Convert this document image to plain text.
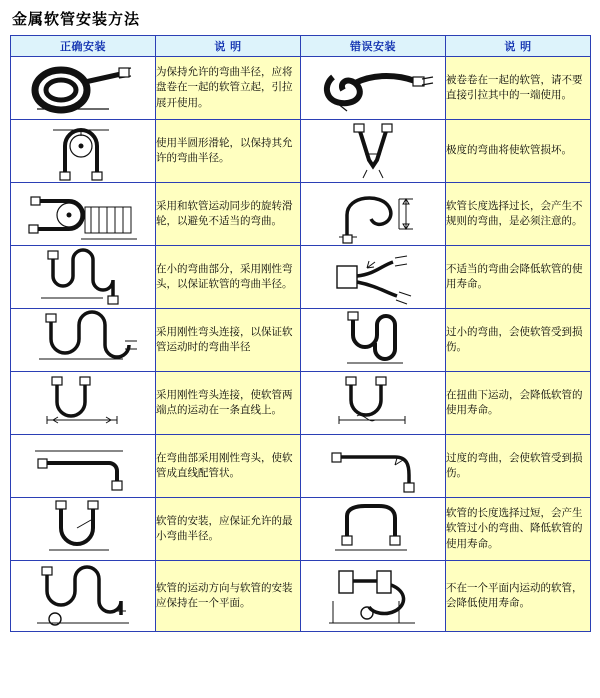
金属软管安装方法
正确安装	说 明	错误安装	说 明

	为保持允许的弯曲半径，应将盘卷在一起的软管立起，引拉展开使用。		被卷卷在一起的软管，请不要直接引拉其中的一端使用。

	使用半圆形滑轮，以保持其允许的弯曲半径。		极度的弯曲将使软管损坏。

	采用和软管运动同步的旋转滑轮，以避免不适当的弯曲。		软管长度选择过长，会产生不规则的弯曲，是必须注意的。

	在小的弯曲部分，采用刚性弯头，以保证软管的弯曲半径。		不适当的弯曲会降低软管的使用寿命。

	采用刚性弯头连接，以保证软管运动时的弯曲半径		过小的弯曲，会使软管受到损伤。

	采用刚性弯头连接，使软管两端点的运动在一条直线上。		在扭曲下运动，会降低软管的使用寿命。

	在弯曲部采用刚性弯头，使软管成直线配管状。		过度的弯曲，会使软管受到损伤。

	软管的安装，应保证允许的最小弯曲半径。		软管的长度选择过短，会产生软管过小的弯曲、降低软管的使用寿命。

	软管的运动方向与软管的安装应保持在一个平面。		不在一个平面内运动的软管，会降低使用寿命。
